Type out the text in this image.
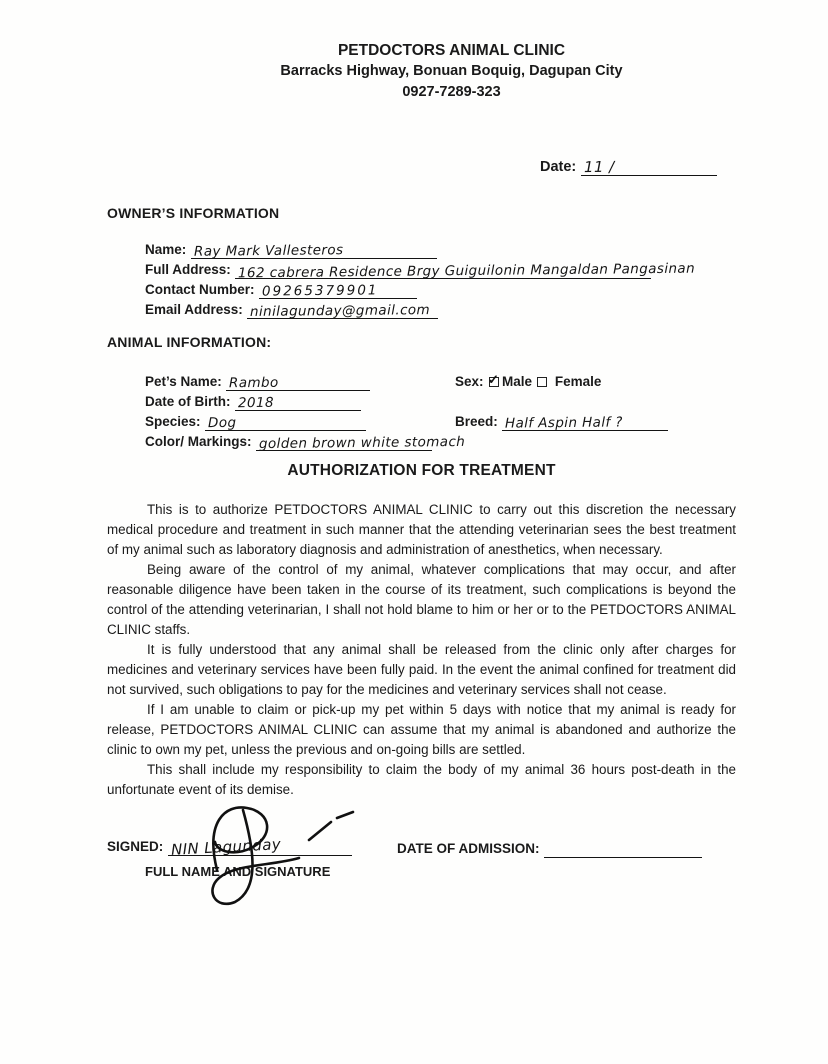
PETDOCTORS ANIMAL CLINIC
Barracks Highway, Bonuan Boquig, Dagupan City
0927-7289-323
Date: 11 /
OWNER’S INFORMATION
Name: Ray Mark Vallesteros
Full Address: 162 cabrera Residence Brgy Guiguilonin Mangaldan Pangasinan
Contact Number: 09265379901
Email Address: ninilagunday@gmail.com
ANIMAL INFORMATION:
Pet’s Name: Rambo	Sex: ✓ Male Female
Date of Birth: 2018
Species: Dog	Breed: Half Aspin Half ?
Color/ Markings: golden brown white stomach
AUTHORIZATION FOR TREATMENT

This is to authorize PETDOCTORS ANIMAL CLINIC to carry out this discretion the necessary medical procedure and treatment in such manner that the attending veterinarian sees the best treatment of my animal such as laboratory diagnosis and administration of anesthetics, when necessary.

Being aware of the control of my animal, whatever complications that may occur, and after reasonable diligence have been taken in the course of its treatment, such complications is beyond the control of the attending veterinarian, I shall not hold blame to him or her or to the PETDOCTORS ANIMAL CLINIC staffs.

It is fully understood that any animal shall be released from the clinic only after charges for medicines and veterinary services have been fully paid. In the event the animal confined for treatment did not survived, such obligations to pay for the medicines and veterinary services shall not cease.

If I am unable to claim or pick-up my pet within 5 days with notice that my animal is ready for release, PETDOCTORS ANIMAL CLINIC can assume that my animal is abandoned and authorize the clinic to own my pet, unless the previous and on-going bills are settled.

This shall include my responsibility to claim the body of my animal 36 hours post-death in the unfortunate event of its demise.

SIGNED: NIN Lagunday	DATE OF ADMISSION:
FULL NAME AND SIGNATURE
